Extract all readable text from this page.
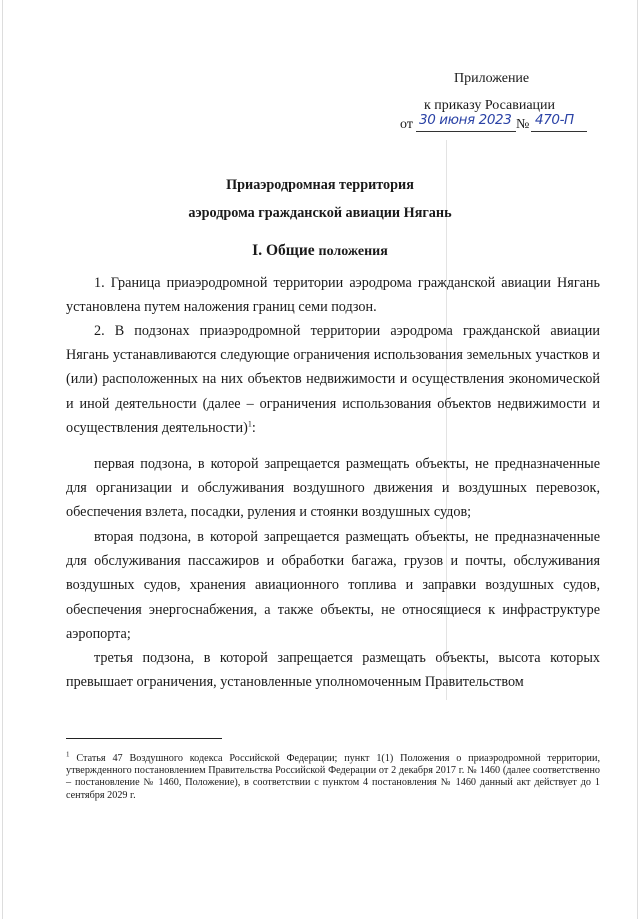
Приложение
к приказу Росавиации
от 30 июня 2023 № 470-П
Приаэродромная территория
аэродрома гражданской авиации Нягань
I. Общие положения

1. Граница приаэродромной территории аэродрома гражданской авиации Нягань установлена путем наложения границ семи подзон.

2. В подзонах приаэродромной территории аэродрома гражданской авиации Нягань устанавливаются следующие ограничения использования земельных участков и (или) расположенных на них объектов недвижимости и осуществления экономической и иной деятельности (далее – ограничения использования объектов недвижимости и осуществления деятельности)$^1$:

первая подзона, в которой запрещается размещать объекты, не предназначенные для организации и обслуживания воздушного движения и воздушных перевозок, обеспечения взлета, посадки, руления и стоянки воздушных судов;

вторая подзона, в которой запрещается размещать объекты, не предназначенные для обслуживания пассажиров и обработки багажа, грузов и почты, обслуживания воздушных судов, хранения авиационного топлива и заправки воздушных судов, обеспечения энергоснабжения, а также объекты, не относящиеся к инфраструктуре аэропорта;

третья подзона, в которой запрещается размещать объекты, высота которых превышает ограничения, установленные уполномоченным Правительством

$^1$ Статья 47 Воздушного кодекса Российской Федерации; пункт 1(1) Положения о приаэродромной территории, утвержденного постановлением Правительства Российской Федерации от 2 декабря 2017 г. № 1460 (далее соответственно – постановление № 1460, Положение), в соответствии с пунктом 4 постановления № 1460 данный акт действует до 1 сентября 2029 г.
